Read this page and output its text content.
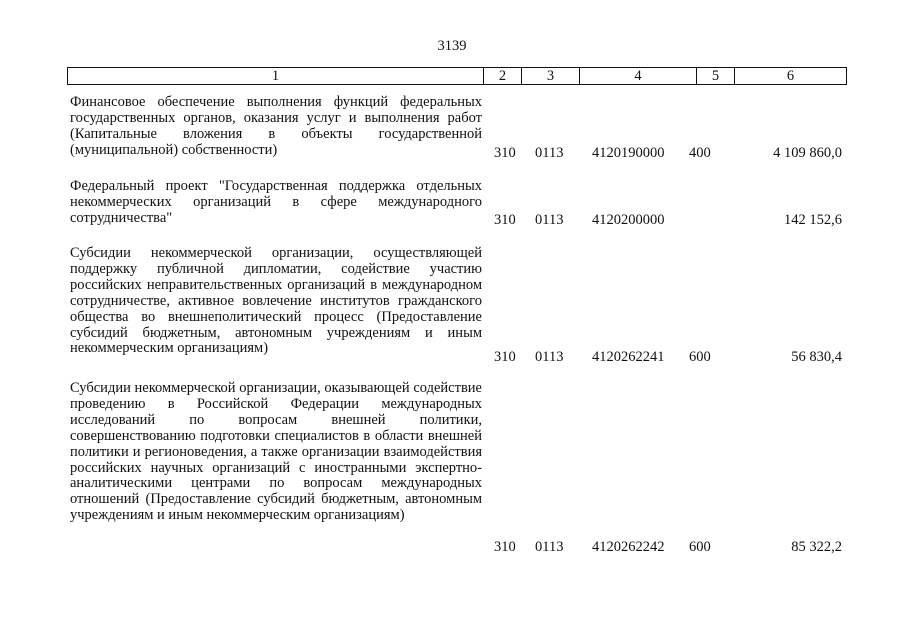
3139
1	2	3	4	5	6
Финансовое обеспечение выполнения функций федеральных государственных органов, оказания услуг и выполнения работ (Капитальные вложения в объекты государственной (муниципальной) собственности)	310 0113 4120190000 400	4 109 860,0
Федеральный проект "Государственная поддержка отдельных некоммерческих организаций в сфере международного сотрудничества"	310 0113 4120200000	142 152,6
Субсидии некоммерческой организации, осуществляющей поддержку публичной дипломатии, содействие участию российских неправительственных организаций в международном сотрудничестве, активное вовлечение институтов гражданского общества во внешнеполитический процесс (Предоставление субсидий бюджетным, автономным учреждениям и иным некоммерческим организациям)
310 0113 4120262241 600	56 830,4
Субсидии некоммерческой организации, оказывающей содействие проведению в Российской Федерации международных исследований по вопросам внешней политики, совершенствованию подготовки специалистов в области внешней политики и регионоведения, а также организации взаимодействия российских научных организаций с иностранными экспертно-аналитическими центрами по вопросам международных отношений (Предоставление субсидий бюджетным, автономным учреждениям и иным некоммерческим организациям)
310 0113 4120262242 600	85 322,2
